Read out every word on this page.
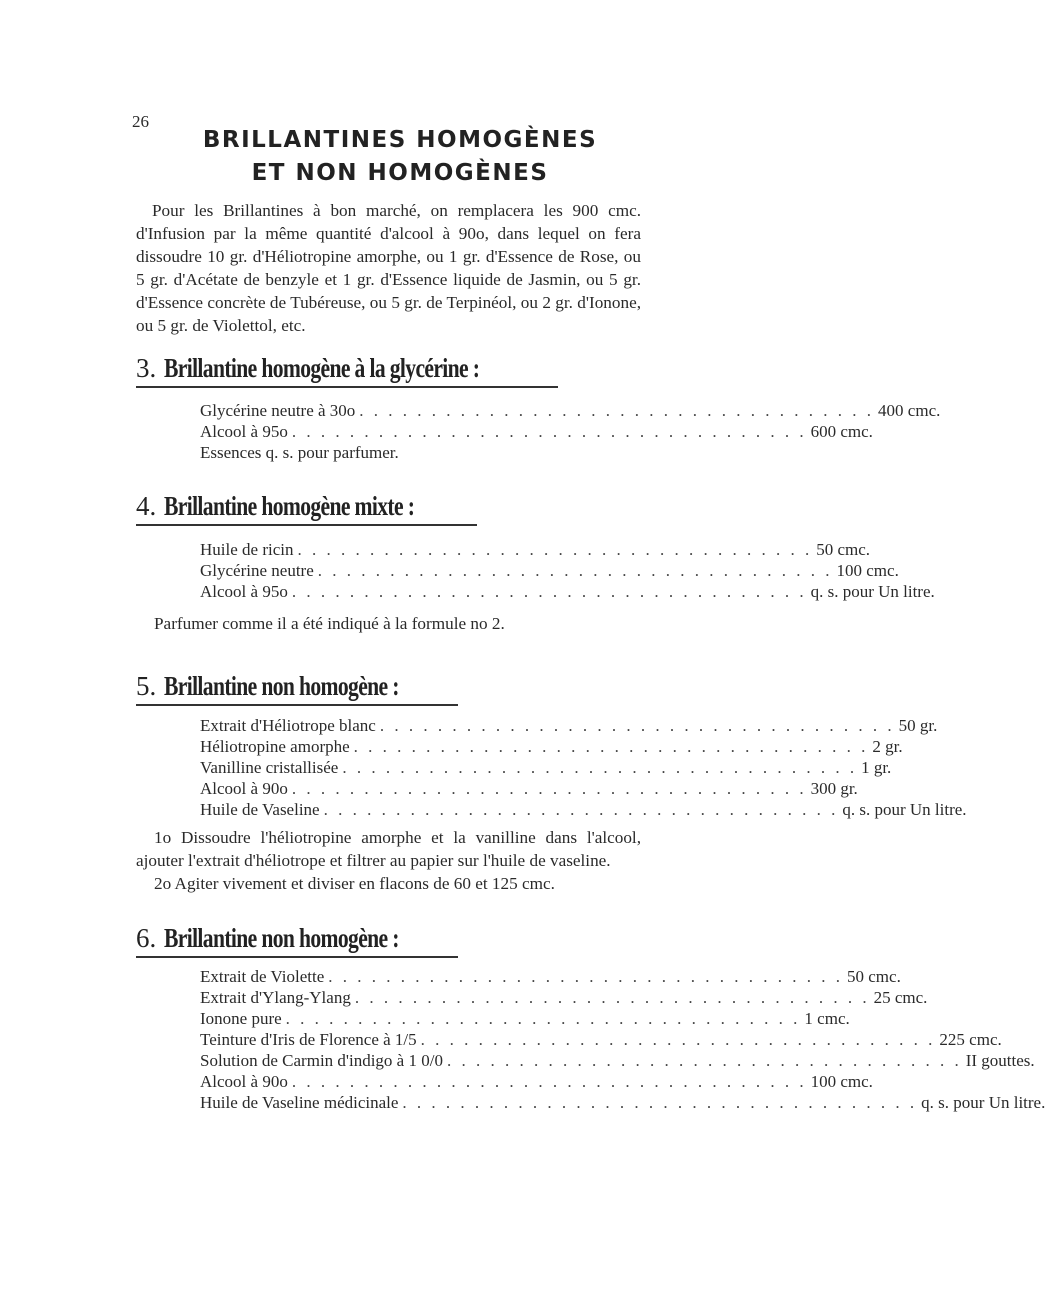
26
BRILLANTINES HOMOGÈNES
ET NON HOMOGÈNES
Pour les Brillantines à bon marché, on remplacera les 900 cmc. d'Infusion par la même quantité d'alcool à 90o, dans lequel on fera dissoudre 10 gr. d'Héliotropine amorphe, ou 1 gr. d'Essence de Rose, ou 5 gr. d'Acétate de benzyle et 1 gr. d'Essence liquide de Jasmin, ou 5 gr. d'Essence concrète de Tubéreuse, ou 5 gr. de Terpinéol, ou 2 gr. d'Ionone, ou 5 gr. de Violettol, etc.
3. Brillantine homogène à la glycérine :
Glycérine neutre à 30o . . . . . . . . . . . . . . . . . . . . . . . . . . . . . . . . . . . . 400 cmc.
Alcool à 95o . . . . . . . . . . . . . . . . . . . . . . . . . . . . . . . . . . . . 600 cmc.
Essences q. s. pour parfumer.
4. Brillantine homogène mixte :
Huile de ricin . . . . . . . . . . . . . . . . . . . . . . . . . . . . . . . . . . . . 50 cmc.
Glycérine neutre . . . . . . . . . . . . . . . . . . . . . . . . . . . . . . . . . . . . 100 cmc.
Alcool à 95o . . . . . . . . . . . . . . . . . . . . . . . . . . . . . . . . . . . . q. s. pour Un litre.

Parfumer comme il a été indiqué à la formule no 2.

5. Brillantine non homogène :
Extrait d'Héliotrope blanc . . . . . . . . . . . . . . . . . . . . . . . . . . . . . . . . . . . . 50 gr.
Héliotropine amorphe . . . . . . . . . . . . . . . . . . . . . . . . . . . . . . . . . . . . 2 gr.
Vanilline cristallisée . . . . . . . . . . . . . . . . . . . . . . . . . . . . . . . . . . . . 1 gr.
Alcool à 90o . . . . . . . . . . . . . . . . . . . . . . . . . . . . . . . . . . . . 300 gr.
Huile de Vaseline . . . . . . . . . . . . . . . . . . . . . . . . . . . . . . . . . . . . q. s. pour Un litre.

1o Dissoudre l'héliotropine amorphe et la vanilline dans l'alcool, ajouter l'extrait d'héliotrope et filtrer au papier sur l'huile de vaseline.

2o Agiter vivement et diviser en flacons de 60 et 125 cmc.

6. Brillantine non homogène :
Extrait de Violette . . . . . . . . . . . . . . . . . . . . . . . . . . . . . . . . . . . . 50 cmc.
Extrait d'Ylang-Ylang . . . . . . . . . . . . . . . . . . . . . . . . . . . . . . . . . . . . 25 cmc.
Ionone pure . . . . . . . . . . . . . . . . . . . . . . . . . . . . . . . . . . . . 1 cmc.
Teinture d'Iris de Florence à 1/5 . . . . . . . . . . . . . . . . . . . . . . . . . . . . . . . . . . . . 225 cmc.
Solution de Carmin d'indigo à 1 0/0 . . . . . . . . . . . . . . . . . . . . . . . . . . . . . . . . . . . . II gouttes.
Alcool à 90o . . . . . . . . . . . . . . . . . . . . . . . . . . . . . . . . . . . . 100 cmc.
Huile de Vaseline médicinale . . . . . . . . . . . . . . . . . . . . . . . . . . . . . . . . . . . . q. s. pour Un litre.
